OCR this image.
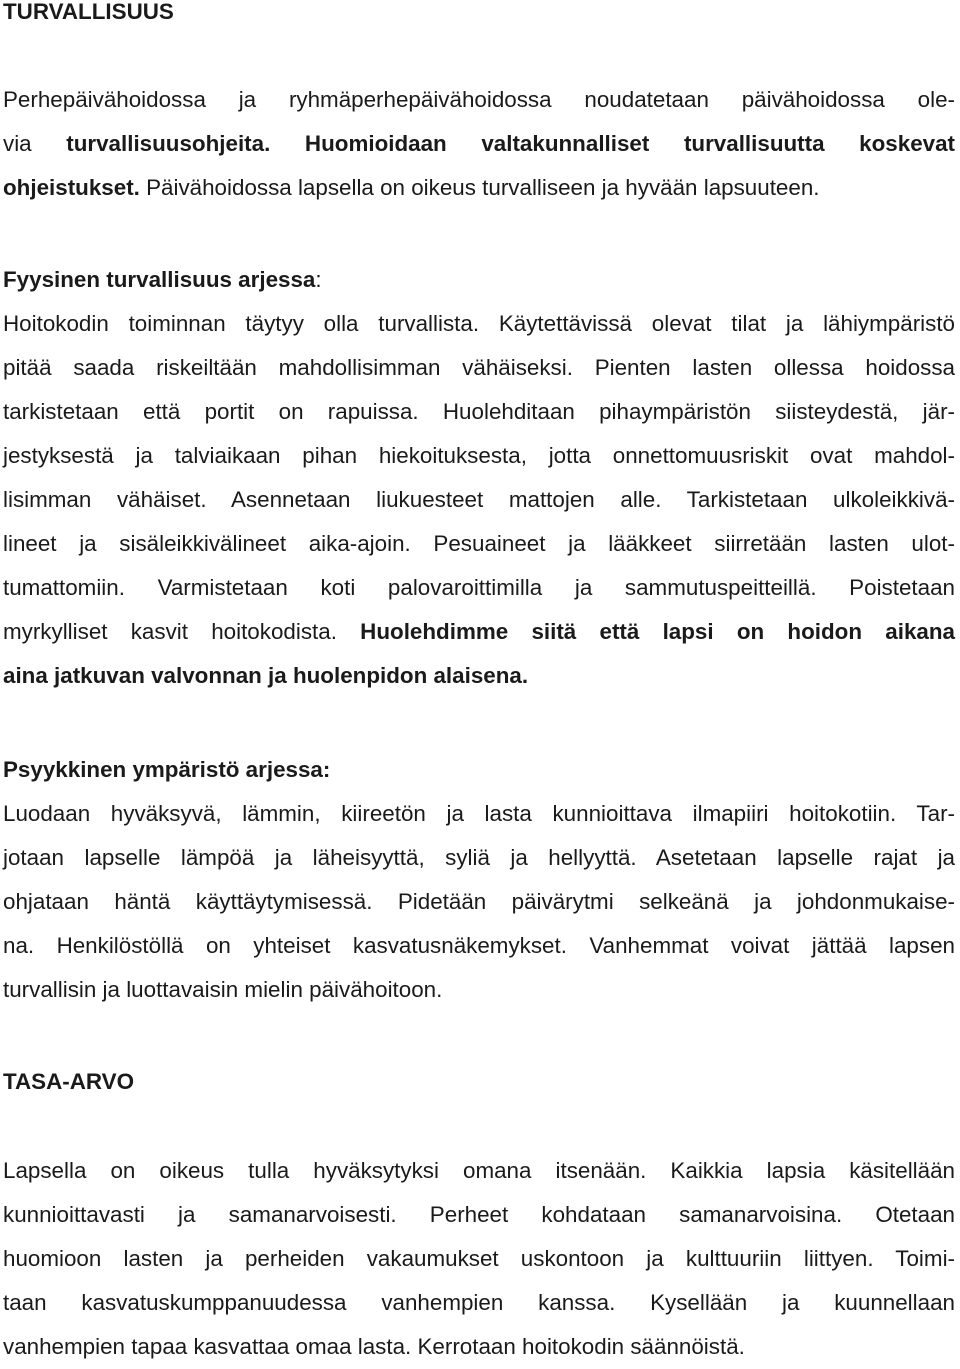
TURVALLISUUS
Perhepäivähoidossa ja ryhmäperhepäivähoidossa noudatetaan päivähoidossa ole-
via turvallisuusohjeita. Huomioidaan valtakunnalliset turvallisuutta koskevat
ohjeistukset. Päivähoidossa lapsella on oikeus turvalliseen ja hyvään lapsuuteen.
Fyysinen turvallisuus arjessa:
Hoitokodin toiminnan täytyy olla turvallista. Käytettävissä olevat tilat ja lähiympäristö
pitää saada riskeiltään mahdollisimman vähäiseksi. Pienten lasten ollessa hoidossa
tarkistetaan että portit on rapuissa. Huolehditaan pihaympäristön siisteydestä, jär-
jestyksestä ja talviaikaan pihan hiekoituksesta, jotta onnettomuusriskit ovat mahdol-
lisimman vähäiset. Asennetaan liukuesteet mattojen alle. Tarkistetaan ulkoleikkivä-
lineet ja sisäleikkivälineet aika-ajoin. Pesuaineet ja lääkkeet siirretään lasten ulot-
tumattomiin. Varmistetaan koti palovaroittimilla ja sammutuspeitteillä. Poistetaan
myrkylliset kasvit hoitokodista. Huolehdimme siitä että lapsi on hoidon aikana
aina jatkuvan valvonnan ja huolenpidon alaisena.
Psyykkinen ympäristö arjessa:
Luodaan hyväksyvä, lämmin, kiireetön ja lasta kunnioittava ilmapiiri hoitokotiin. Tar-
jotaan lapselle lämpöä ja läheisyyttä, syliä ja hellyyttä. Asetetaan lapselle rajat ja
ohjataan häntä käyttäytymisessä. Pidetään päivärytmi selkeänä ja johdonmukaise-
na. Henkilöstöllä on yhteiset kasvatusnäkemykset. Vanhemmat voivat jättää lapsen
turvallisin ja luottavaisin mielin päivähoitoon.
TASA-ARVO
Lapsella on oikeus tulla hyväksytyksi omana itsenään. Kaikkia lapsia käsitellään
kunnioittavasti ja samanarvoisesti. Perheet kohdataan samanarvoisina. Otetaan
huomioon lasten ja perheiden vakaumukset uskontoon ja kulttuuriin liittyen. Toimi-
taan kasvatuskumppanuudessa vanhempien kanssa. Kysellään ja kuunnellaan
vanhempien tapaa kasvattaa omaa lasta. Kerrotaan hoitokodin säännöistä.
